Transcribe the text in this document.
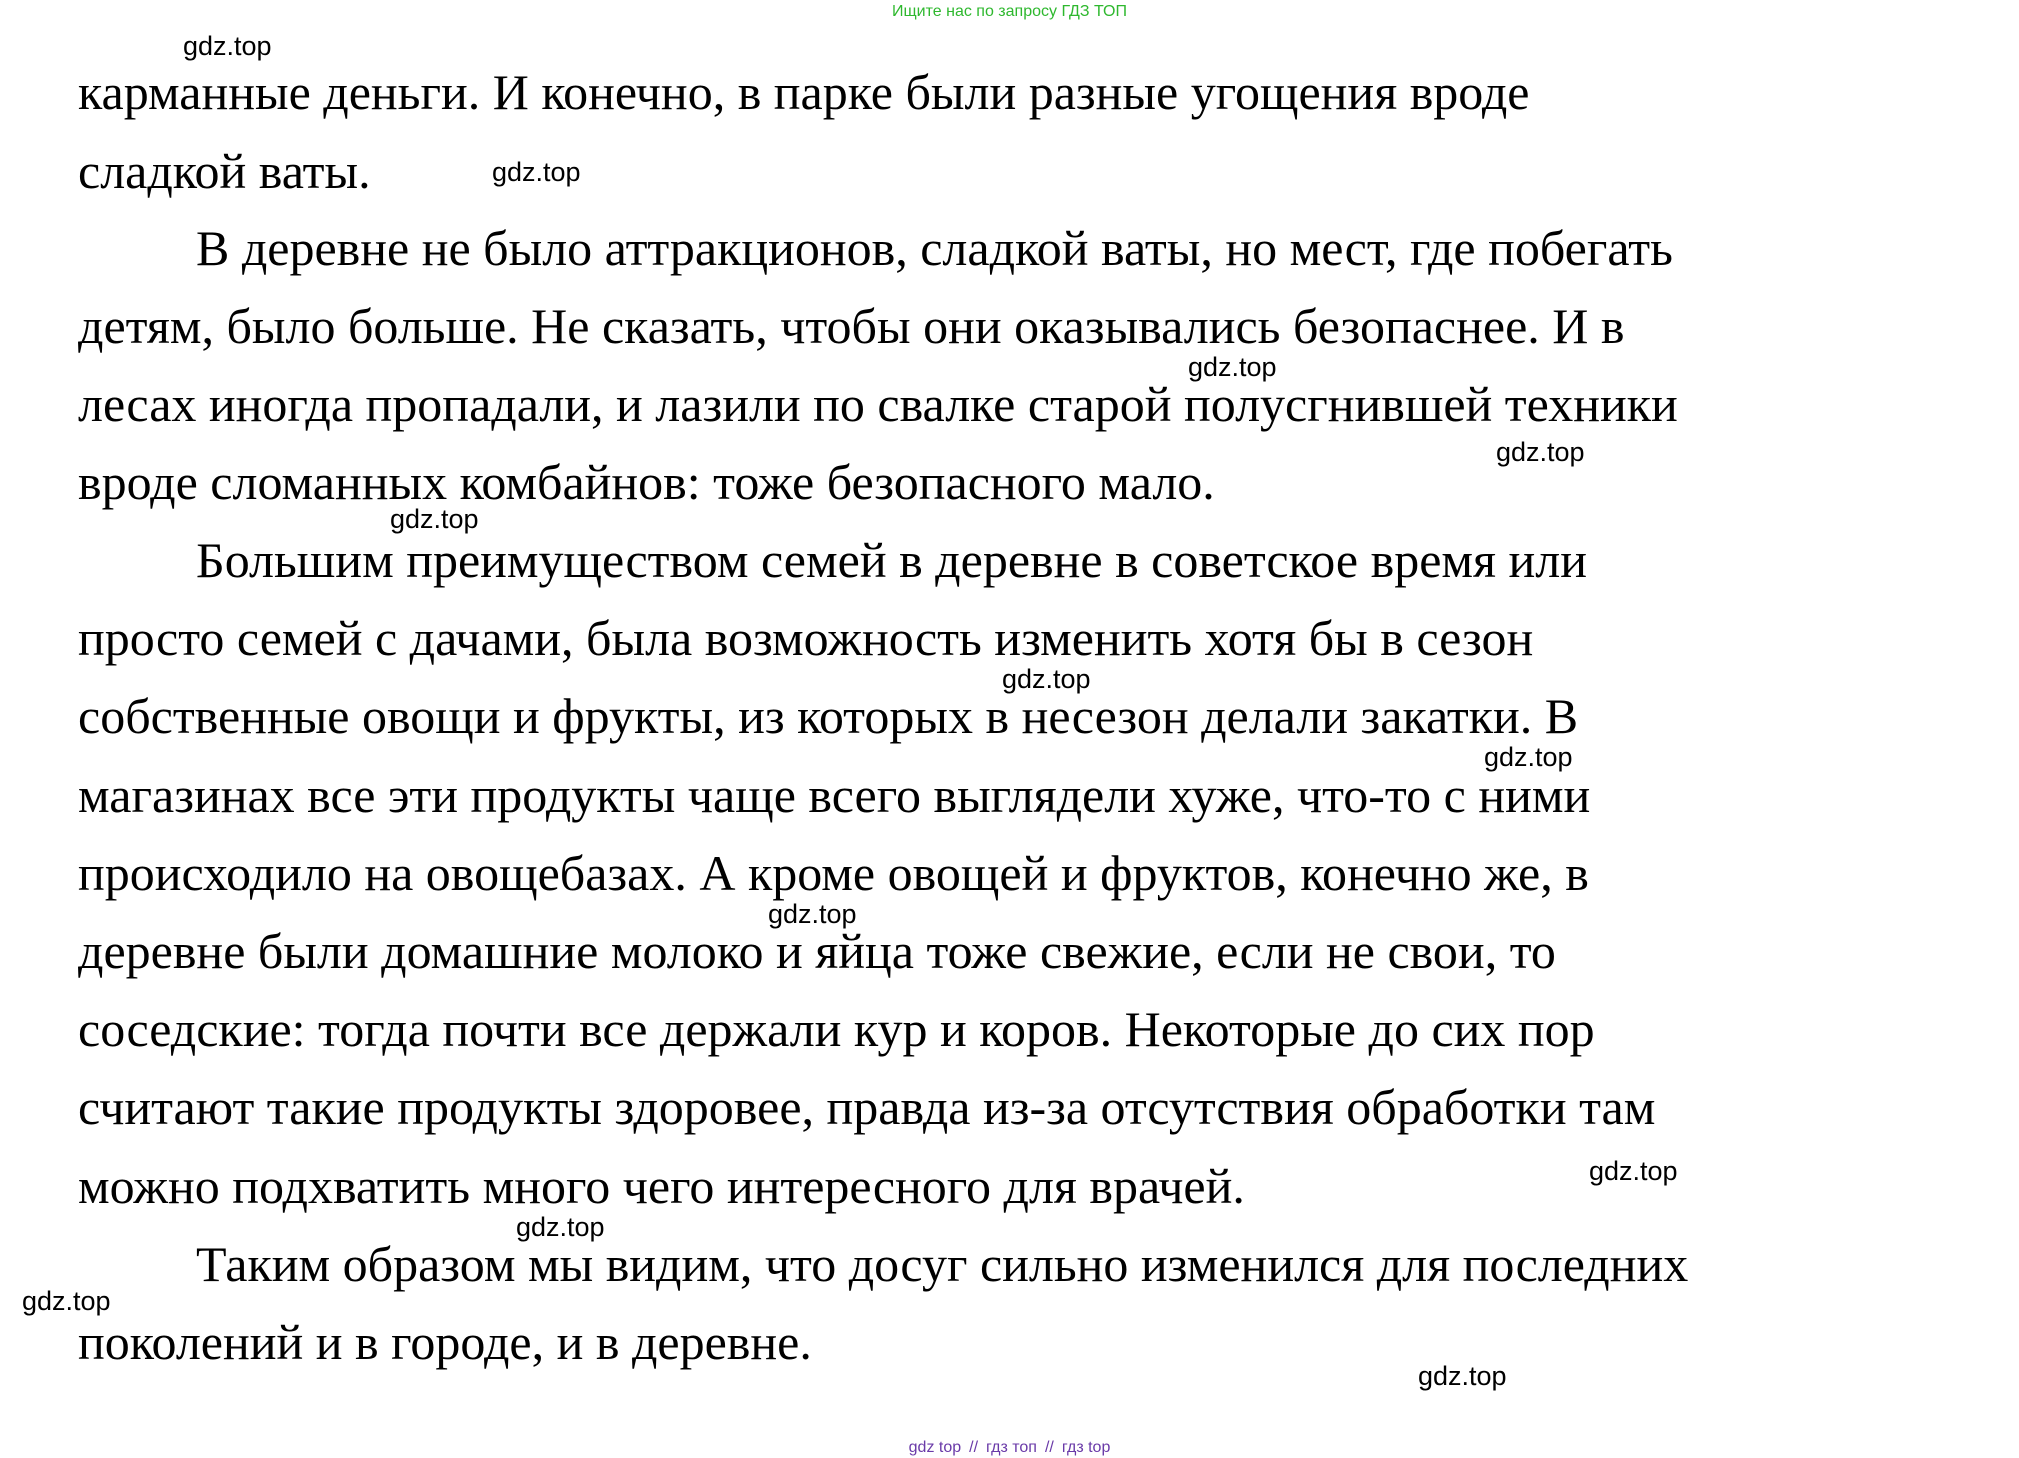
Ищите нас по запросу ГДЗ ТОП
карманные деньги. И конечно, в парке были разные угощения вроде
сладкой ваты.
В деревне не было аттракционов, сладкой ваты, но мест, где побегать
детям, было больше. Не сказать, чтобы они оказывались безопаснее. И в
лесах иногда пропадали, и лазили по свалке старой полусгнившей техники
вроде сломанных комбайнов: тоже безопасного мало.
Большим преимуществом семей в деревне в советское время или
просто семей с дачами, была возможность изменить хотя бы в сезон
собственные овощи и фрукты, из которых в несезон делали закатки. В
магазинах все эти продукты чаще всего выглядели хуже, что-то с ними
происходило на овощебазах. А кроме овощей и фруктов, конечно же, в
деревне были домашние молоко и яйца тоже свежие, если не свои, то
соседские: тогда почти все держали кур и коров. Некоторые до сих пор
считают такие продукты здоровее, правда из-за отсутствия обработки там
можно подхватить много чего интересного для врачей.
Таким образом мы видим, что досуг сильно изменился для последних
поколений и в городе, и в деревне.
gdz.top
gdz.top
gdz.top
gdz.top
gdz.top
gdz.top
gdz.top
gdz.top
gdz.top
gdz.top
gdz.top
gdz.top
gdz top // гдз топ // гдз top
